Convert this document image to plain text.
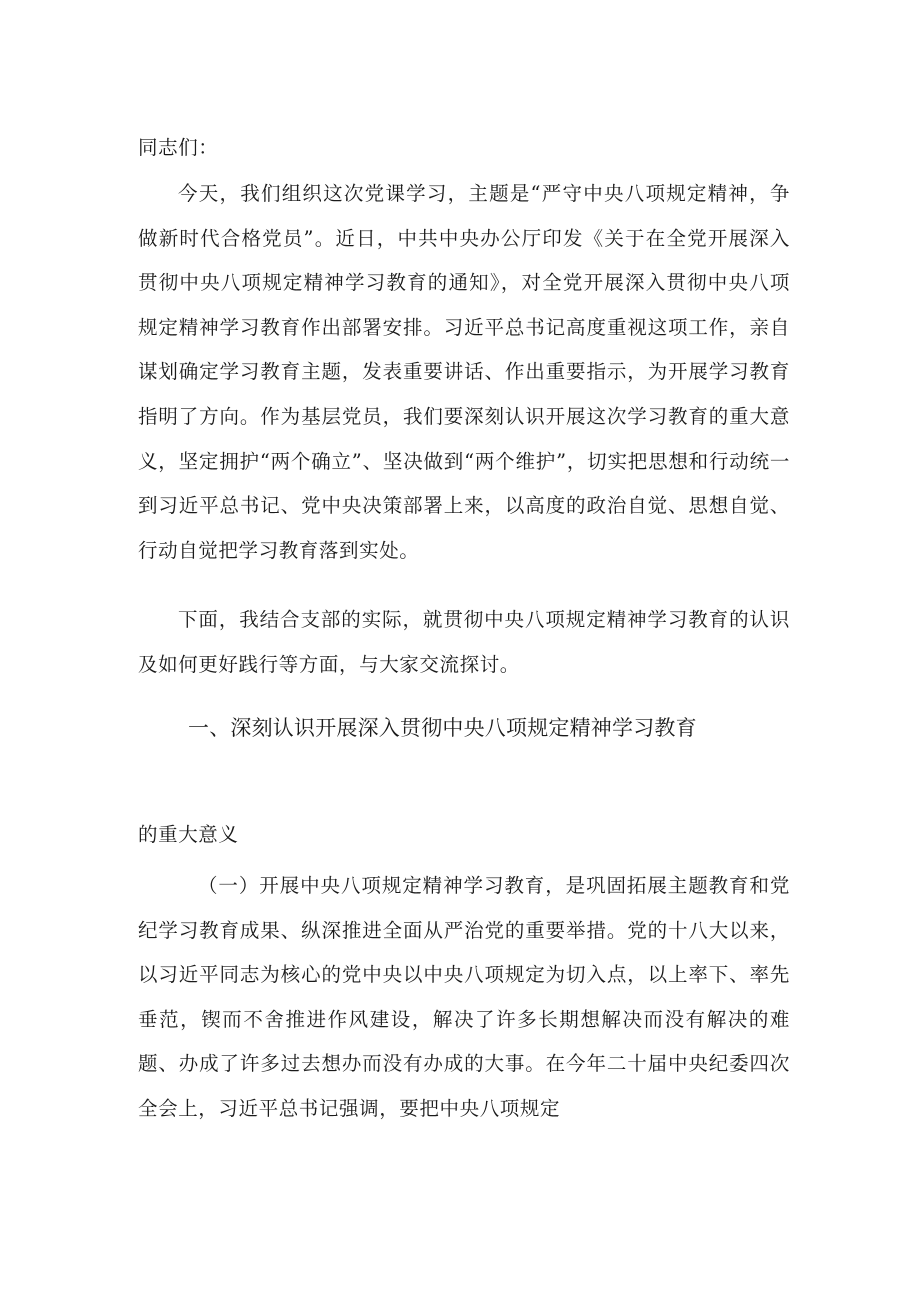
同志们：
今天，我们组织这次党课学习，主题是“严守中央八项规定精神，争做新时代合格党员”。近日，中共中央办公厅印发《关于在全党开展深入贯彻中央八项规定精神学习教育的通知》，对全党开展深入贯彻中央八项规定精神学习教育作出部署安排。习近平总书记高度重视这项工作，亲自谋划确定学习教育主题，发表重要讲话、作出重要指示，为开展学习教育指明了方向。作为基层党员，我们要深刻认识开展这次学习教育的重大意义，坚定拥护“两个确立”、坚决做到“两个维护”，切实把思想和行动统一到习近平总书记、党中央决策部署上来，以高度的政治自觉、思想自觉、行动自觉把学习教育落到实处。
下面，我结合支部的实际，就贯彻中央八项规定精神学习教育的认识及如何更好践行等方面，与大家交流探讨。
一、深刻认识开展深入贯彻中央八项规定精神学习教育
的重大意义
（一）开展中央八项规定精神学习教育，是巩固拓展主题教育和党纪学习教育成果、纵深推进全面从严治党的重要举措。党的十八大以来，以习近平同志为核心的党中央以中央八项规定为切入点，以上率下、率先垂范，锲而不舍推进作风建设，解决了许多长期想解决而没有解决的难题、办成了许多过去想办而没有办成的大事。在今年二十届中央纪委四次全会上，习近平总书记强调，要把中央八项规定
